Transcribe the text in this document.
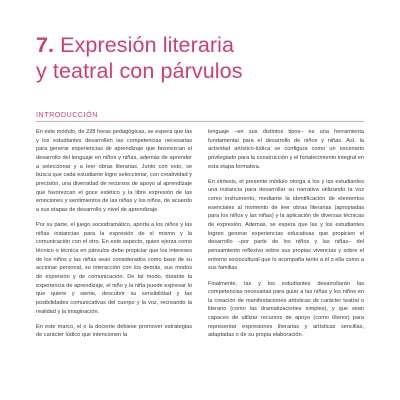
7. Expresión literaria
y teatral con párvulos
INTRODUCCIÓN

En este módulo, de 228 horas pedagógicas, se espera que las y los estudiantes desarrollen las competencias necesarias para generar experiencias de aprendizaje que favorezcan el desarrollo del lenguaje en niños y niñas, además de aprender a seleccionar y a leer obras literarias. Junto con esto, se busca que cada estudiante logre seleccionar, con creatividad y precisión, una diversidad de recursos de apoyo al aprendizaje que favorezcan el goce estético y la libre expresión de las emociones y sentimientos de las niñas y los niños, de acuerdo a sus etapas de desarrollo y nivel de aprendizaje.

Por su parte, el juego sociodramático, aporta a los niños y las niñas instancias para la expresión de sí mismo y la comunicación con el otro. En este aspecto, quien ejerza como técnico o técnica en párvulos debe propiciar que los intereses de los niños y las niñas sean considerados como base de su accionar personal, su interacción con los demás, sus modos de expresión y de comunicación. De tal modo, durante la experiencia de aprendizaje, el niño y la niña puede expresar lo que quiere y siente, descubrir su sensibilidad y las posibilidades comunicativas del cuerpo y la voz, recreando la realidad y la imaginación.

En este marco, el o la docente debiese promover estrategias de carácter lúdico que intencionen la

lenguaje –en sus distintos tipos– es una herramienta fundamental para el desarrollo de niños y niñas. Así, la actividad artístico-lúdica se configura como un escenario privilegiado para la construcción y el fortalecimiento integral en esta etapa formativa.

En síntesis, el presente módulo otorga a los y las estudiantes una instancia para desarrollar su narrativa utilizando la voz como instrumento, mediante la identificación de elementos esenciales al momento de leer obras literarias (apropiadas para los niños y las niñas) y la aplicación de diversas técnicas de expresión. Además, se espera que las y los estudiantes logren generar experiencias educativas que propicien el desarrollo –por parte de los niños y las niñas– del pensamiento reflexivo sobre sus propias vivencias y sobre el entorno sociocultural que lo acompaña tanto a él o ella como a sus familias.

Finalmente, las y los estudiantes desarrollarán las competencias necesarias para guiar a las niñas y los niños en la creación de manifestaciones artísticas de carácter teatral o literario (como las dramatizaciones simples), y que sean capaces de utilizar recursos de apoyo (como títeres) para representar expresiones literarias y artísticas sencillas, adaptadas o de su propia elaboración.
